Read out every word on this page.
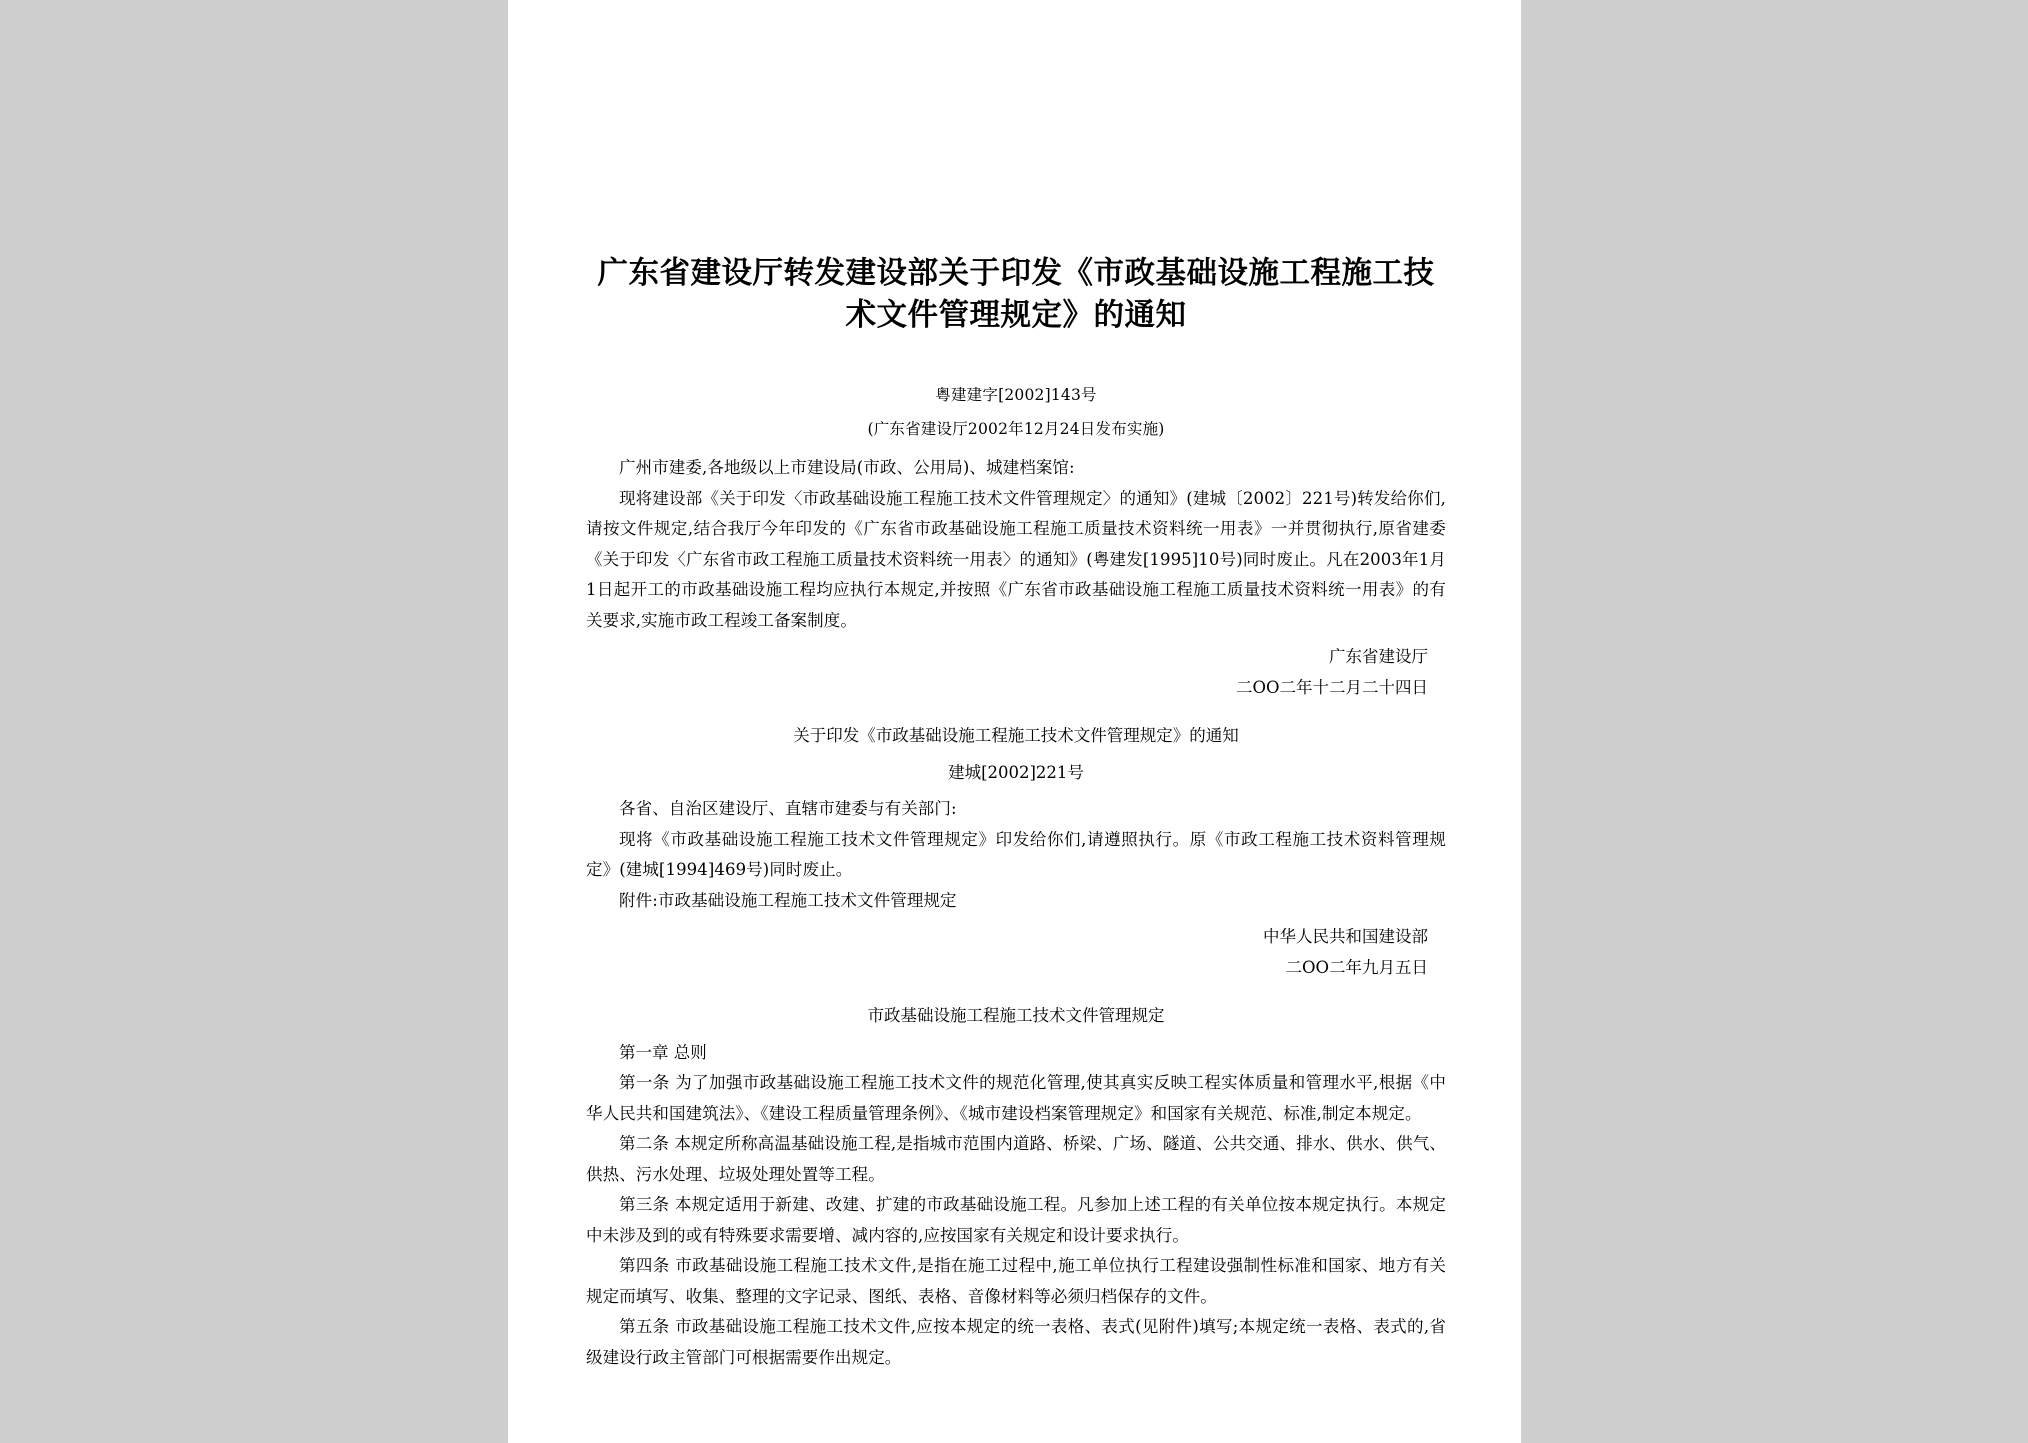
广东省建设厅转发建设部关于印发《市政基础设施工程施工技术文件管理规定》的通知
粤建建字[2002]143号
(广东省建设厅2002年12月24日发布实施)

广州市建委,各地级以上市建设局(市政、公用局)、城建档案馆:

现将建设部《关于印发〈市政基础设施工程施工技术文件管理规定〉的通知》(建城〔2002〕221号)转发给你们,请按文件规定,结合我厅今年印发的《广东省市政基础设施工程施工质量技术资料统一用表》一并贯彻执行,原省建委《关于印发〈广东省市政工程施工质量技术资料统一用表〉的通知》(粤建发[1995]10号)同时废止。凡在2003年1月1日起开工的市政基础设施工程均应执行本规定,并按照《广东省市政基础设施工程施工质量技术资料统一用表》的有关要求,实施市政工程竣工备案制度。

广东省建设厅

二OO二年十二月二十四日

关于印发《市政基础设施工程施工技术文件管理规定》的通知

建城[2002]221号

各省、自治区建设厅、直辖市建委与有关部门:

现将《市政基础设施工程施工技术文件管理规定》印发给你们,请遵照执行。原《市政工程施工技术资料管理规定》(建城[1994]469号)同时废止。

附件:市政基础设施工程施工技术文件管理规定

中华人民共和国建设部

二OO二年九月五日

市政基础设施工程施工技术文件管理规定

第一章 总则

第一条 为了加强市政基础设施工程施工技术文件的规范化管理,使其真实反映工程实体质量和管理水平,根据《中华人民共和国建筑法》、《建设工程质量管理条例》、《城市建设档案管理规定》和国家有关规范、标准,制定本规定。

第二条 本规定所称高温基础设施工程,是指城市范围内道路、桥梁、广场、隧道、公共交通、排水、供水、供气、供热、污水处理、垃圾处理处置等工程。

第三条 本规定适用于新建、改建、扩建的市政基础设施工程。凡参加上述工程的有关单位按本规定执行。本规定中未涉及到的或有特殊要求需要增、减内容的,应按国家有关规定和设计要求执行。

第四条 市政基础设施工程施工技术文件,是指在施工过程中,施工单位执行工程建设强制性标准和国家、地方有关规定而填写、收集、整理的文字记录、图纸、表格、音像材料等必须归档保存的文件。

第五条 市政基础设施工程施工技术文件,应按本规定的统一表格、表式(见附件)填写;本规定统一表格、表式的,省级建设行政主管部门可根据需要作出规定。
